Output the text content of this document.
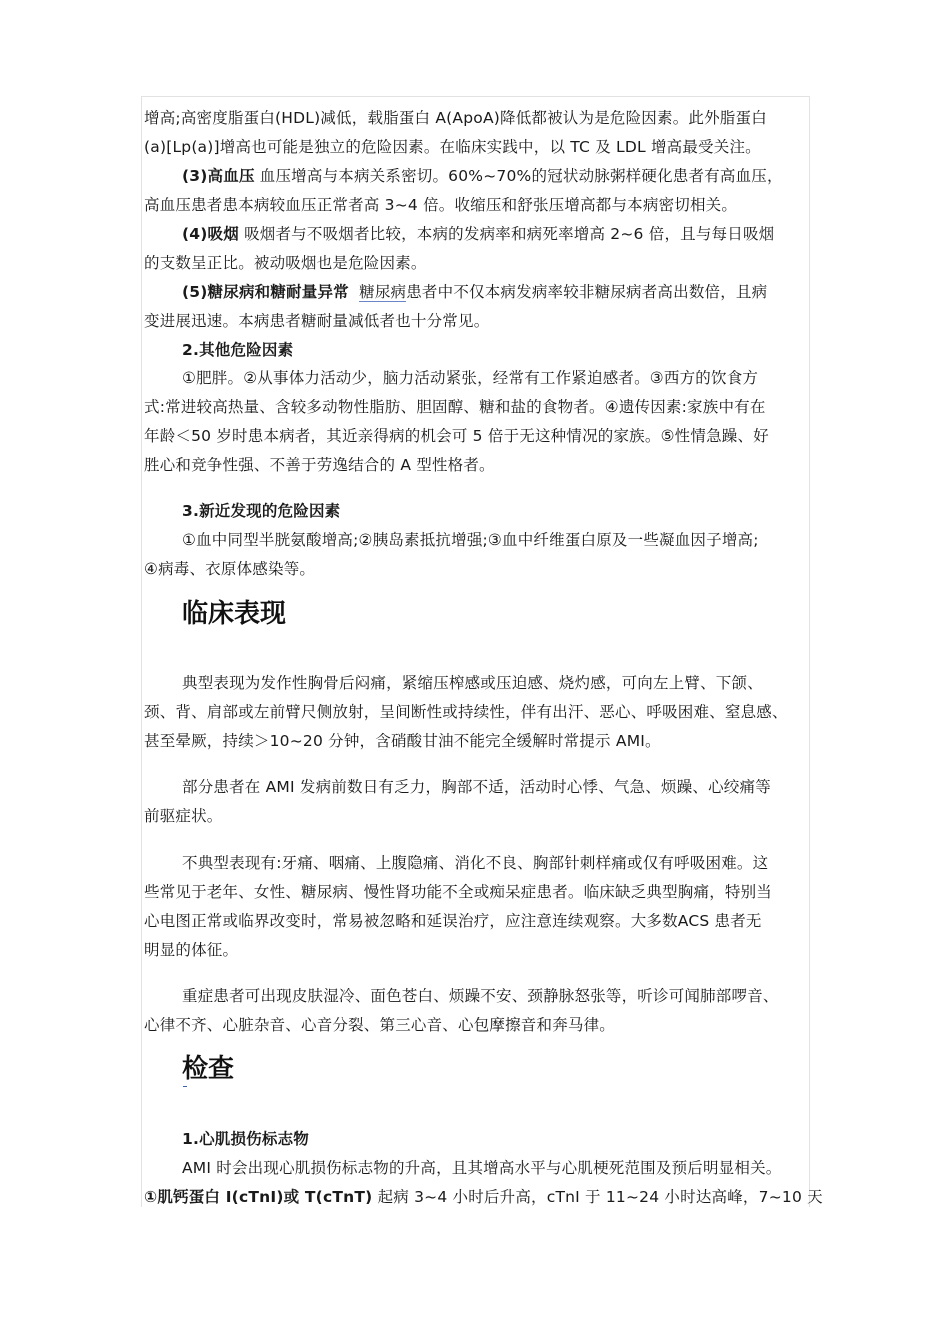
增高;高密度脂蛋白(HDL)减低，载脂蛋白 A(ApoA)降低都被认为是危险因素。此外脂蛋白
(a)[Lp(a)]增高也可能是独立的危险因素。在临床实践中，以 TC 及 LDL 增高最受关注。
(3)高血压 血压增高与本病关系密切。60%~70%的冠状动脉粥样硬化患者有高血压，
高血压患者患本病较血压正常者高 3~4 倍。收缩压和舒张压增高都与本病密切相关。
(4)吸烟 吸烟者与不吸烟者比较，本病的发病率和病死率增高 2~6 倍，且与每日吸烟
的支数呈正比。被动吸烟也是危险因素。
(5)糖尿病和糖耐量异常 糖尿病患者中不仅本病发病率较非糖尿病者高出数倍，且病
变进展迅速。本病患者糖耐量减低者也十分常见。
2.其他危险因素
①肥胖。②从事体力活动少，脑力活动紧张，经常有工作紧迫感者。③西方的饮食方
式:常进较高热量、含较多动物性脂肪、胆固醇、糖和盐的食物者。④遗传因素:家族中有在
年龄＜50 岁时患本病者，其近亲得病的机会可 5 倍于无这种情况的家族。⑤性情急躁、好
胜心和竞争性强、不善于劳逸结合的 A 型性格者。
3.新近发现的危险因素
①血中同型半胱氨酸增高;②胰岛素抵抗增强;③血中纤维蛋白原及一些凝血因子增高;
④病毒、衣原体感染等。
临床表现
典型表现为发作性胸骨后闷痛，紧缩压榨感或压迫感、烧灼感，可向左上臂、下颌、
颈、背、肩部或左前臂尺侧放射，呈间断性或持续性，伴有出汗、恶心、呼吸困难、窒息感、
甚至晕厥，持续＞10~20 分钟，含硝酸甘油不能完全缓解时常提示 AMI。
部分患者在 AMI 发病前数日有乏力，胸部不适，活动时心悸、气急、烦躁、心绞痛等
前驱症状。
不典型表现有:牙痛、咽痛、上腹隐痛、消化不良、胸部针刺样痛或仅有呼吸困难。这
些常见于老年、女性、糖尿病、慢性肾功能不全或痴呆症患者。临床缺乏典型胸痛，特别当
心电图正常或临界改变时，常易被忽略和延误治疗，应注意连续观察。大多数ACS 患者无
明显的体征。
重症患者可出现皮肤湿冷、面色苍白、烦躁不安、颈静脉怒张等，听诊可闻肺部啰音、
心律不齐、心脏杂音、心音分裂、第三心音、心包摩擦音和奔马律。
检查
1.心肌损伤标志物
AMI 时会出现心肌损伤标志物的升高，且其增高水平与心肌梗死范围及预后明显相关。
①肌钙蛋白 I(cTnI)或 T(cTnT) 起病 3~4 小时后升高，cTnI 于 11~24 小时达高峰，7~10 天
